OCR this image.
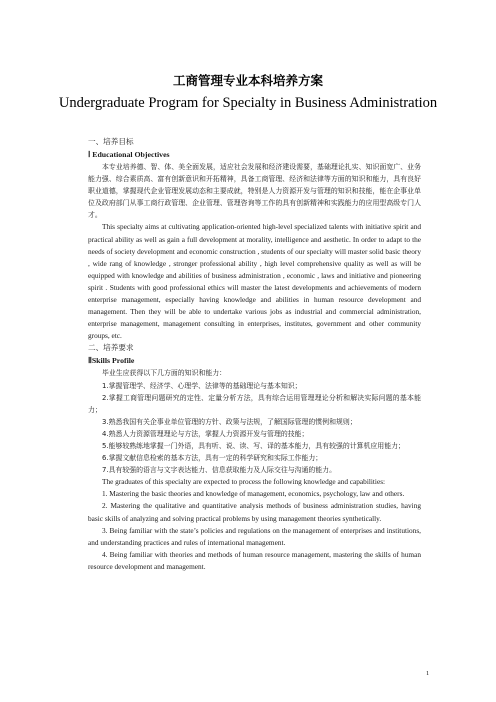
工商管理专业本科培养方案
Undergraduate Program for Specialty in Business Administration

一、培养目标

Ⅰ Educational Objectives

本专业培养德、智、体、美全面发展，适应社会发展和经济建设需要，基础理论扎实、知识面宽广、业务能力强、综合素质高、富有创新意识和开拓精神，具备工商管理、经济和法律等方面的知识和能力，具有良好职业道德，掌握现代企业管理发展动态和主要成就，特别是人力资源开发与管理的知识和技能，能在企事业单位及政府部门从事工商行政管理、企业管理、管理咨询等工作的具有创新精神和实践能力的应用型高级专门人才。

This specialty aims at cultivating application-oriented high-level specialized talents with initiative spirit and practical ability as well as gain a full development at morality, intelligence and aesthetic. In order to adapt to the needs of society development and economic construction , students of our specialty will master solid basic theory , wide rang of knowledge , stronger professional ability , high level comprehensive quality as well as will be equipped with knowledge and abilities of business administration , economic , laws and initiative and pioneering spirit . Students with good professional ethics will master the latest developments and achievements of modern enterprise management, especially having knowledge and abilities in human resource development and management. Then they will be able to undertake various jobs as industrial and commercial administration, enterprise management, management consulting in enterprises, institutes, government and other community groups, etc.

二、培养要求

ⅡSkills Profile

毕业生应获得以下几方面的知识和能力：

1.掌握管理学、经济学、心理学、法律等的基础理论与基本知识；

2.掌握工商管理问题研究的定性、定量分析方法，具有综合运用管理理论分析和解决实际问题的基本能力；

3.熟悉我国有关企事业单位管理的方针、政策与法规，了解国际管理的惯例和规则；

4.熟悉人力资源管理理论与方法，掌握人力资源开发与管理的技能；

5.能够较熟练地掌握一门外语，具有听、说、读、写、译的基本能力，具有较强的计算机应用能力；

6.掌握文献信息检索的基本方法，具有一定的科学研究和实际工作能力；

7.具有较强的语言与文字表达能力、信息获取能力及人际交往与沟通的能力。

The graduates of this specialty are expected to process the following knowledge and capabilities:

1. Mastering the basic theories and knowledge of management, economics, psychology, law and others.

2. Mastering the qualitative and quantitative analysis methods of business administration studies, having basic skills of analyzing and solving practical problems by using management theories synthetically.

3. Being familiar with the state’s policies and regulations on the management of enterprises and institutions, and understanding practices and rules of international management.

4. Being familiar with theories and methods of human resource management, mastering the skills of human resource development and management.

1
